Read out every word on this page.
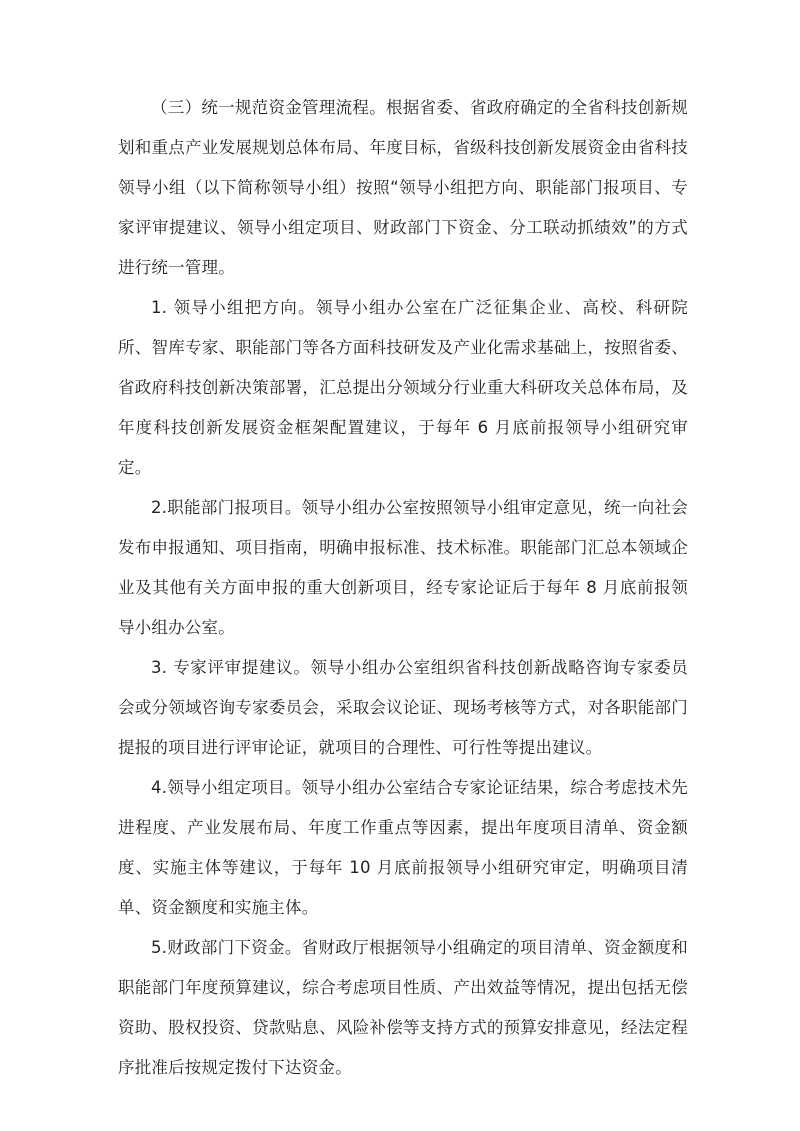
（三）统一规范资金管理流程。根据省委、省政府确定的全省科技创新规划和重点产业发展规划总体布局、年度目标，省级科技创新发展资金由省科技领导小组（以下简称领导小组）按照“领导小组把方向、职能部门报项目、专家评审提建议、领导小组定项目、财政部门下资金、分工联动抓绩效”的方式进行统一管理。

1. 领导小组把方向。领导小组办公室在广泛征集企业、高校、科研院所、智库专家、职能部门等各方面科技研发及产业化需求基础上，按照省委、省政府科技创新决策部署，汇总提出分领域分行业重大科研攻关总体布局，及年度科技创新发展资金框架配置建议，于每年 6 月底前报领导小组研究审定。

2.职能部门报项目。领导小组办公室按照领导小组审定意见，统一向社会发布申报通知、项目指南，明确申报标准、技术标准。职能部门汇总本领域企业及其他有关方面申报的重大创新项目，经专家论证后于每年 8 月底前报领导小组办公室。

3. 专家评审提建议。领导小组办公室组织省科技创新战略咨询专家委员会或分领域咨询专家委员会，采取会议论证、现场考核等方式，对各职能部门提报的项目进行评审论证，就项目的合理性、可行性等提出建议。

4.领导小组定项目。领导小组办公室结合专家论证结果，综合考虑技术先进程度、产业发展布局、年度工作重点等因素，提出年度项目清单、资金额度、实施主体等建议，于每年 10 月底前报领导小组研究审定，明确项目清单、资金额度和实施主体。

5.财政部门下资金。省财政厅根据领导小组确定的项目清单、资金额度和职能部门年度预算建议，综合考虑项目性质、产出效益等情况，提出包括无偿资助、股权投资、贷款贴息、风险补偿等支持方式的预算安排意见，经法定程序批准后按规定拨付下达资金。
